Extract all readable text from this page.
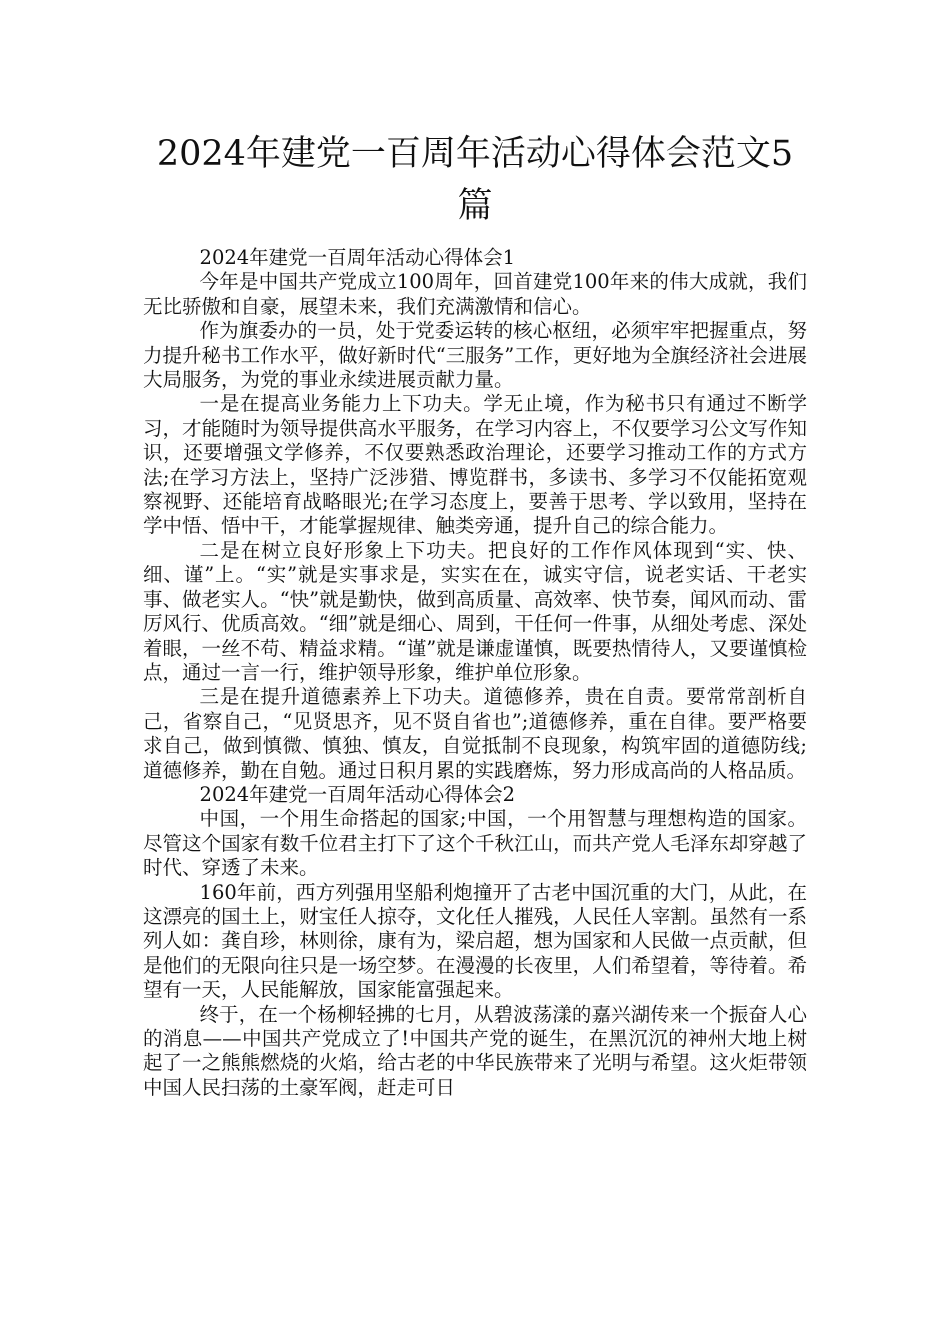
2024年建党一百周年活动心得体会范文5篇

2024年建党一百周年活动心得体会1

今年是中国共产党成立100周年，回首建党100年来的伟大成就，我们无比骄傲和自豪，展望未来，我们充满激情和信心。

作为旗委办的一员，处于党委运转的核心枢纽，必须牢牢把握重点，努力提升秘书工作水平，做好新时代“三服务”工作，更好地为全旗经济社会进展大局服务，为党的事业永续进展贡献力量。

一是在提高业务能力上下功夫。学无止境，作为秘书只有通过不断学习，才能随时为领导提供高水平服务，在学习内容上，不仅要学习公文写作知识，还要增强文学修养，不仅要熟悉政治理论，还要学习推动工作的方式方法;在学习方法上，坚持广泛涉猎、博览群书，多读书、多学习不仅能拓宽观察视野、还能培育战略眼光;在学习态度上，要善于思考、学以致用，坚持在学中悟、悟中干，才能掌握规律、触类旁通，提升自己的综合能力。

二是在树立良好形象上下功夫。把良好的工作作风体现到“实、快、细、谨”上。“实”就是实事求是，实实在在，诚实守信，说老实话、干老实事、做老实人。“快”就是勤快，做到高质量、高效率、快节奏，闻风而动、雷厉风行、优质高效。“细”就是细心、周到，干任何一件事，从细处考虑、深处着眼，一丝不苟、精益求精。“谨”就是谦虚谨慎，既要热情待人，又要谨慎检点，通过一言一行，维护领导形象，维护单位形象。

三是在提升道德素养上下功夫。道德修养，贵在自责。要常常剖析自己，省察自己，“见贤思齐，见不贤自省也”;道德修养，重在自律。要严格要求自己，做到慎微、慎独、慎友，自觉抵制不良现象，构筑牢固的道德防线;道德修养，勤在自勉。通过日积月累的实践磨炼，努力形成高尚的人格品质。

2024年建党一百周年活动心得体会2

中国，一个用生命搭起的国家;中国，一个用智慧与理想构造的国家。尽管这个国家有数千位君主打下了这个千秋江山，而共产党人毛泽东却穿越了时代、穿透了未来。

160年前，西方列强用坚船利炮撞开了古老中国沉重的大门，从此，在这漂亮的国土上，财宝任人掠夺，文化任人摧残，人民任人宰割。虽然有一系列人如：龚自珍，林则徐，康有为，梁启超，想为国家和人民做一点贡献，但是他们的无限向往只是一场空梦。在漫漫的长夜里，人们希望着，等待着。希望有一天，人民能解放，国家能富强起来。

终于，在一个杨柳轻拂的七月，从碧波荡漾的嘉兴湖传来一个振奋人心的消息——中国共产党成立了!中国共产党的诞生，在黑沉沉的神州大地上树起了一之熊熊燃烧的火焰，给古老的中华民族带来了光明与希望。这火炬带领中国人民扫荡的土豪军阀，赶走可日
